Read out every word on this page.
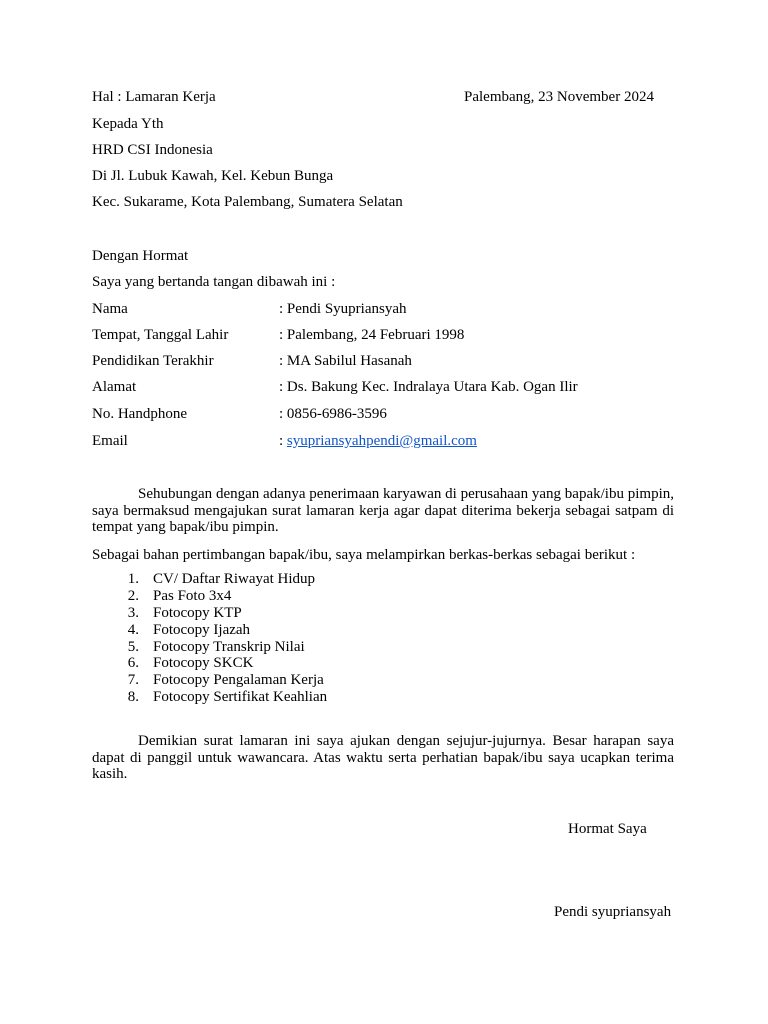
Hal : Lamaran Kerja	Palembang, 23 November 2024
Kepada Yth
HRD CSI Indonesia
Di Jl. Lubuk Kawah, Kel. Kebun Bunga
Kec. Sukarame, Kota Palembang, Sumatera Selatan
Dengan Hormat
Saya yang bertanda tangan dibawah ini :
Nama	: Pendi Syupriansyah
Tempat, Tanggal Lahir	: Palembang, 24 Februari 1998
Pendidikan Terakhir	: MA Sabilul Hasanah
Alamat	: Ds. Bakung Kec. Indralaya Utara Kab. Ogan Ilir
No. Handphone	: 0856-6986-3596
Email	: syupriansyahpendi@gmail.com
Sehubungan dengan adanya penerimaan karyawan di perusahaan yang bapak/ibu pimpin, saya bermaksud mengajukan surat lamaran kerja agar dapat diterima bekerja sebagai satpam di tempat yang bapak/ibu pimpin.
Sebagai bahan pertimbangan bapak/ibu, saya melampirkan berkas-berkas sebagai berikut :
1. CV/ Daftar Riwayat Hidup
2. Pas Foto 3x4
3. Fotocopy KTP
4. Fotocopy Ijazah
5. Fotocopy Transkrip Nilai
6. Fotocopy SKCK
7. Fotocopy Pengalaman Kerja
8. Fotocopy Sertifikat Keahlian
Demikian surat lamaran ini saya ajukan dengan sejujur-jujurnya. Besar harapan saya dapat di panggil untuk wawancara. Atas waktu serta perhatian bapak/ibu saya ucapkan terima kasih.
Hormat Saya
Pendi syupriansyah
